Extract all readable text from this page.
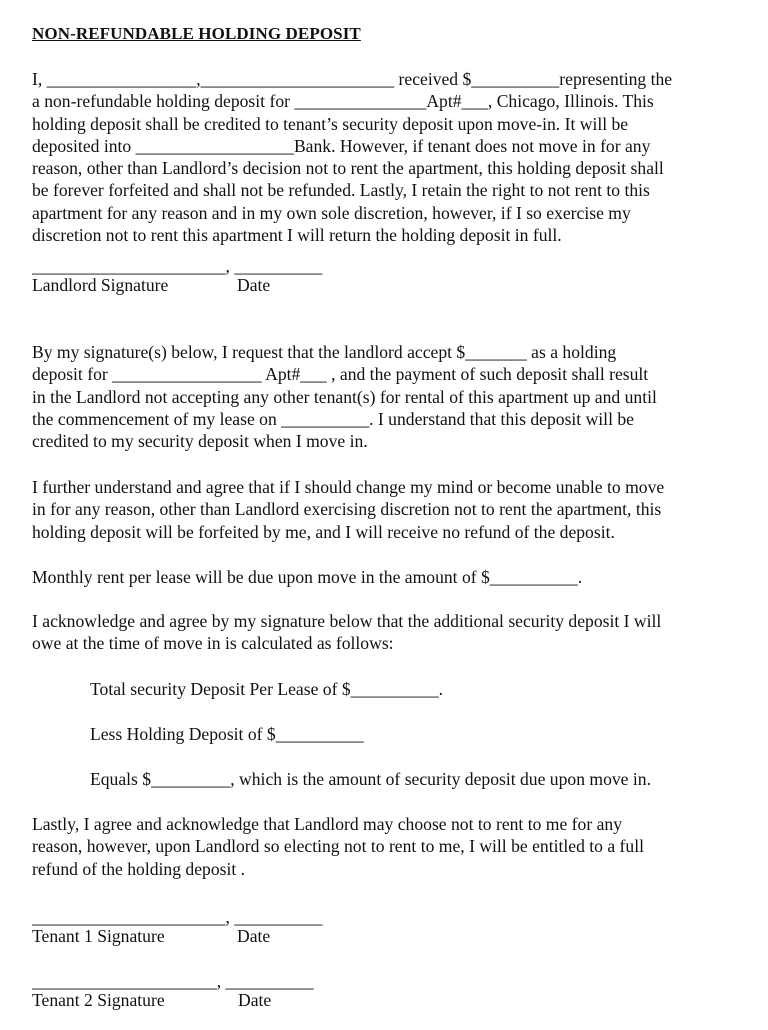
NON-REFUNDABLE HOLDING DEPOSIT

I, _________________,______________________ received $__________representing the
a non-refundable holding deposit for _______________Apt#___, Chicago, Illinois. This
holding deposit shall be credited to tenant’s security deposit upon move-in. It will be
deposited into __________________Bank. However, if tenant does not move in for any
reason, other than Landlord’s decision not to rent the apartment, this holding deposit shall
be forever forfeited and shall not be refunded. Lastly, I retain the right to not rent to this
apartment for any reason and in my own sole discretion, however, if I so exercise my
discretion not to rent this apartment I will return the holding deposit in full.

______________________, __________
Landlord Signature	Date

By my signature(s) below, I request that the landlord accept $_______ as a holding
deposit for _________________ Apt#___ , and the payment of such deposit shall result
in the Landlord not accepting any other tenant(s) for rental of this apartment up and until
the commencement of my lease on __________. I understand that this deposit will be
credited to my security deposit when I move in.

I further understand and agree that if I should change my mind or become unable to move
in for any reason, other than Landlord exercising discretion not to rent the apartment, this
holding deposit will be forfeited by me, and I will receive no refund of the deposit.

Monthly rent per lease will be due upon move in the amount of $__________.

I acknowledge and agree by my signature below that the additional security deposit I will
owe at the time of move in is calculated as follows:

Total security Deposit Per Lease of $__________.

Less Holding Deposit of $__________

Equals $_________, which is the amount of security deposit due upon move in.

Lastly, I agree and acknowledge that Landlord may choose not to rent to me for any
reason, however, upon Landlord so electing not to rent to me, I will be entitled to a full
refund of the holding deposit .

______________________, __________
Tenant 1 Signature	Date
_____________________, __________
Tenant 2 Signature	Date
